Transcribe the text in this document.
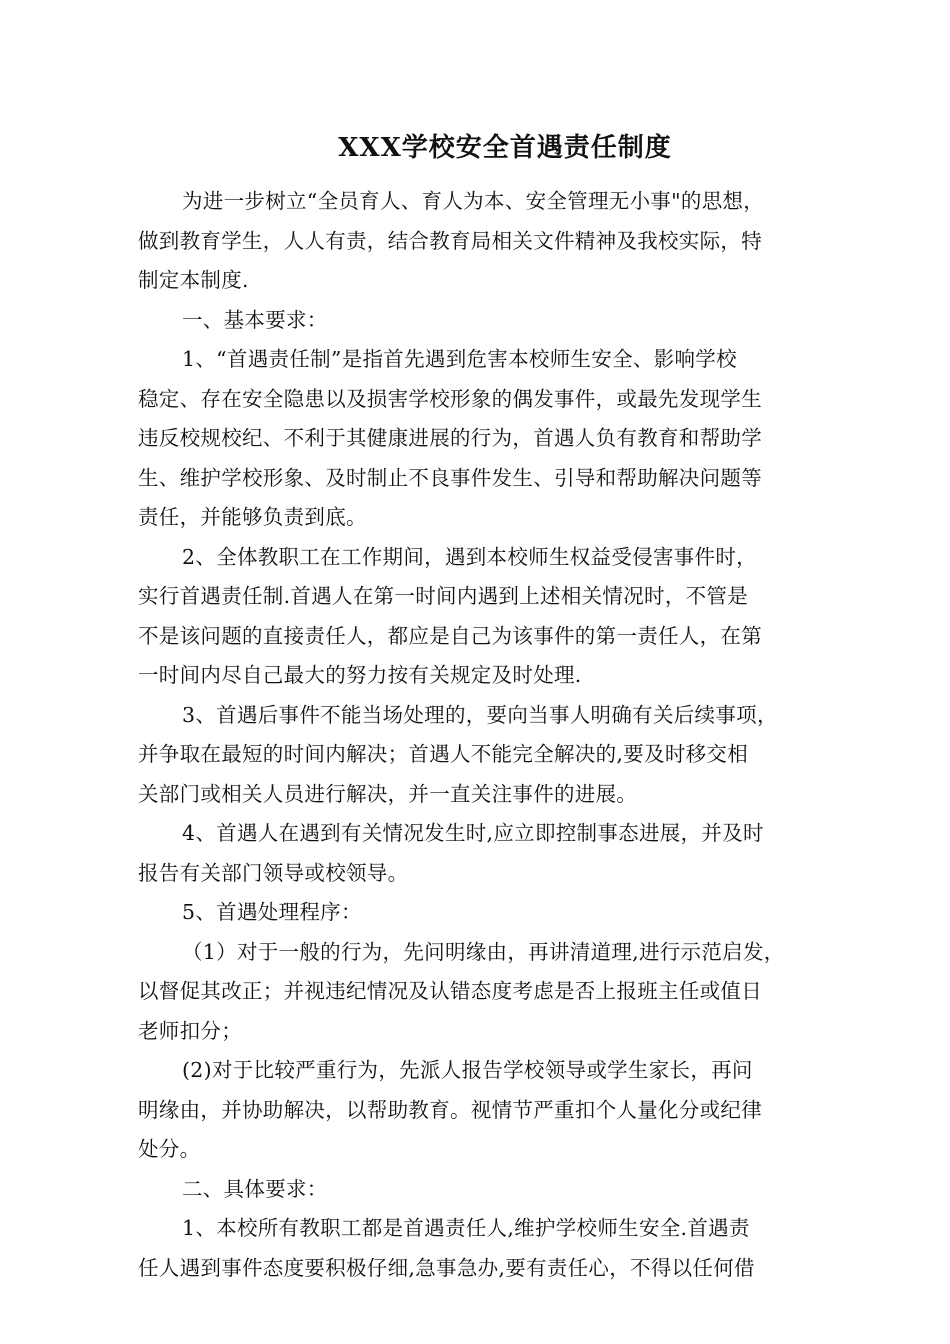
XXX学校安全首遇责任制度
为进一步树立“全员育人、育人为本、安全管理无小事"的思想，
做到教育学生，人人有责，结合教育局相关文件精神及我校实际，特
制定本制度.
一、基本要求：
1、“首遇责任制”是指首先遇到危害本校师生安全、影响学校
稳定、存在安全隐患以及损害学校形象的偶发事件，或最先发现学生
违反校规校纪、不利于其健康进展的行为，首遇人负有教育和帮助学
生、维护学校形象、及时制止不良事件发生、引导和帮助解决问题等
责任，并能够负责到底。
2、全体教职工在工作期间，遇到本校师生权益受侵害事件时，
实行首遇责任制.首遇人在第一时间内遇到上述相关情况时，不管是
不是该问题的直接责任人，都应是自己为该事件的第一责任人，在第
一时间内尽自己最大的努力按有关规定及时处理.
3、首遇后事件不能当场处理的，要向当事人明确有关后续事项，
并争取在最短的时间内解决；首遇人不能完全解决的,要及时移交相
关部门或相关人员进行解决，并一直关注事件的进展。
4、首遇人在遇到有关情况发生时,应立即控制事态进展，并及时
报告有关部门领导或校领导。
5、首遇处理程序：
（1）对于一般的行为，先问明缘由，再讲清道理,进行示范启发，
以督促其改正；并视违纪情况及认错态度考虑是否上报班主任或值日
老师扣分；
(2)对于比较严重行为，先派人报告学校领导或学生家长，再问
明缘由，并协助解决，以帮助教育。视情节严重扣个人量化分或纪律
处分。
二、具体要求：
1、本校所有教职工都是首遇责任人,维护学校师生安全.首遇责
任人遇到事件态度要积极仔细,急事急办,要有责任心，不得以任何借
